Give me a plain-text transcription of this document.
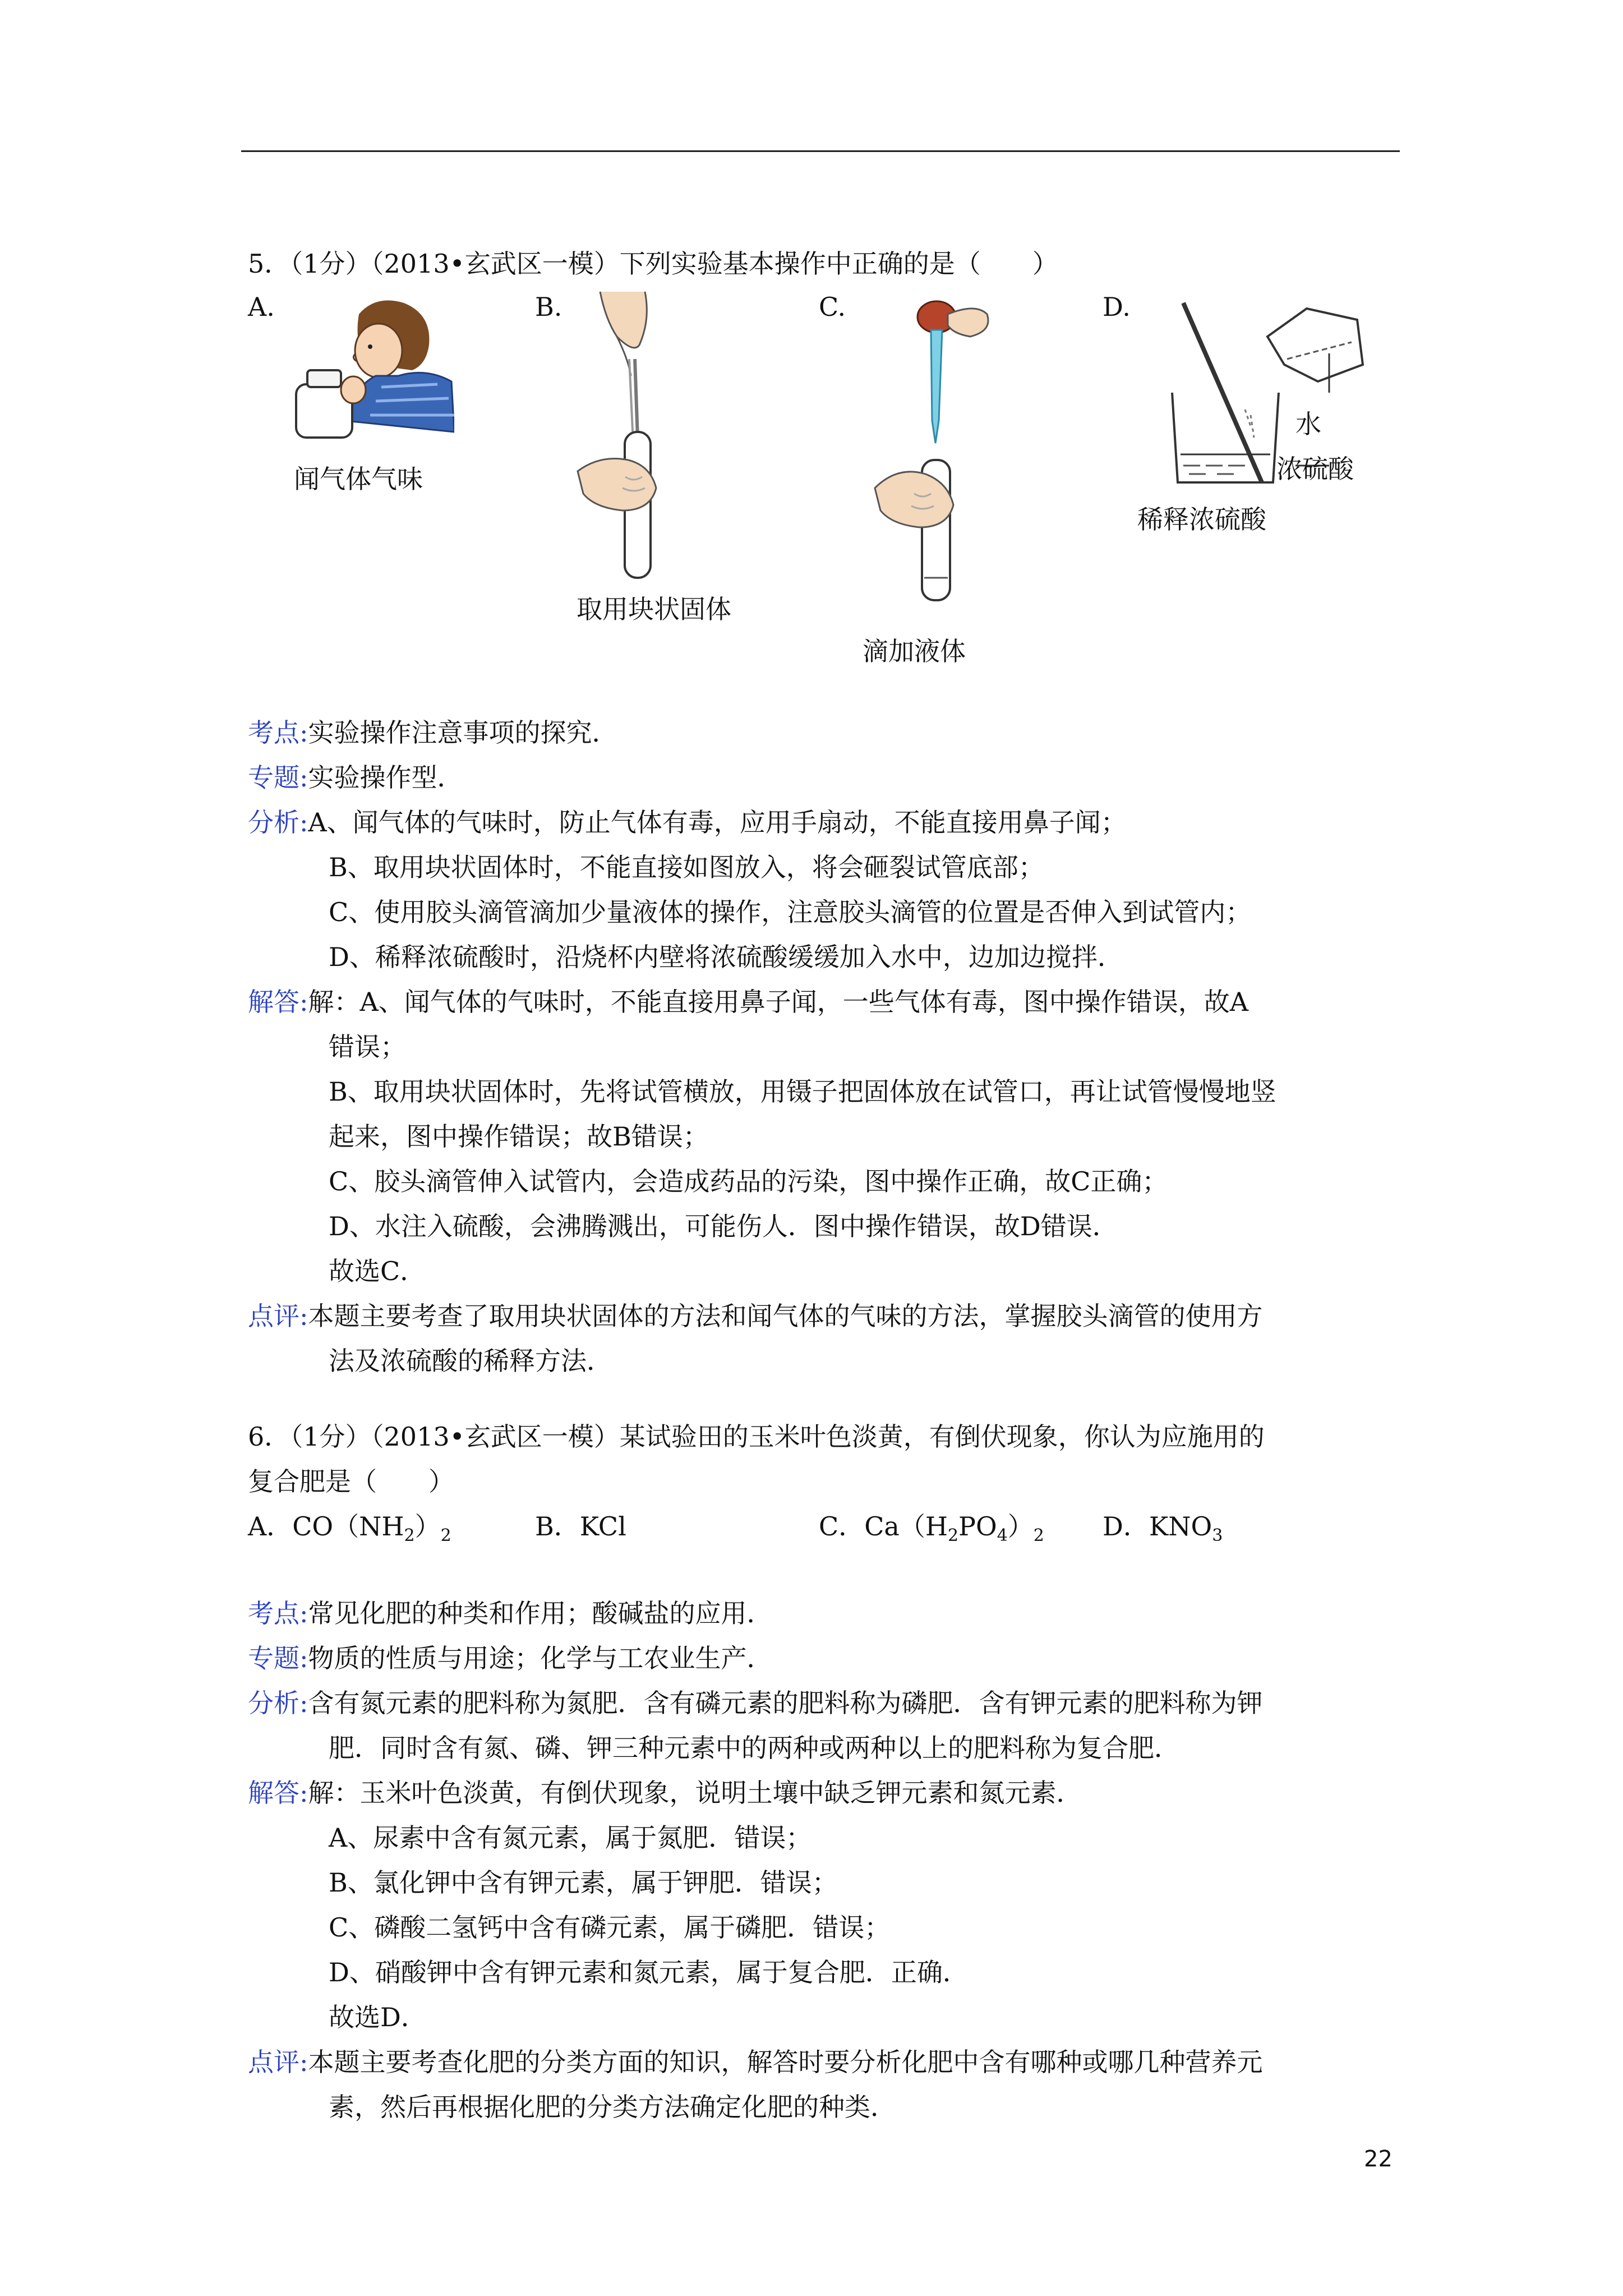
5．（1分）（2013•玄武区一模）下列实验基本操作中正确的是（　　）
A.	B.	C.	D.
闻气体气味
取用块状固体
滴加液体
水
浓硫酸
稀释浓硫酸
考点:实验操作注意事项的探究．
专题:实验操作型．
分析:A、闻气体的气味时，防止气体有毒，应用手扇动，不能直接用鼻子闻；
B、取用块状固体时，不能直接如图放入，将会砸裂试管底部；
C、使用胶头滴管滴加少量液体的操作，注意胶头滴管的位置是否伸入到试管内；
D、稀释浓硫酸时，沿烧杯内壁将浓硫酸缓缓加入水中，边加边搅拌．
解答:解：A、闻气体的气味时，不能直接用鼻子闻，一些气体有毒，图中操作错误，故A
错误；
B、取用块状固体时，先将试管横放，用镊子把固体放在试管口，再让试管慢慢地竖
起来，图中操作错误；故B错误；
C、胶头滴管伸入试管内，会造成药品的污染，图中操作正确，故C正确；
D、水注入硫酸，会沸腾溅出，可能伤人．图中操作错误，故D错误．
故选C．
点评:本题主要考查了取用块状固体的方法和闻气体的气味的方法，掌握胶头滴管的使用方
法及浓硫酸的稀释方法．
6．（1分）（2013•玄武区一模）某试验田的玉米叶色淡黄，有倒伏现象，你认为应施用的
复合肥是（　　）
A．$CO(NH_2)_2$	B．KCl	C．$Ca(H_2PO_4)_2$ D．$KNO_3$
考点:常见化肥的种类和作用；酸碱盐的应用．
专题:物质的性质与用途；化学与工农业生产．
分析:含有氮元素的肥料称为氮肥．含有磷元素的肥料称为磷肥．含有钾元素的肥料称为钾
肥．同时含有氮、磷、钾三种元素中的两种或两种以上的肥料称为复合肥．
解答:解：玉米叶色淡黄，有倒伏现象，说明土壤中缺乏钾元素和氮元素．
A、尿素中含有氮元素，属于氮肥．错误；
B、氯化钾中含有钾元素，属于钾肥．错误；
C、磷酸二氢钙中含有磷元素，属于磷肥．错误；
D、硝酸钾中含有钾元素和氮元素，属于复合肥．正确．
故选D．
点评:本题主要考查化肥的分类方面的知识，解答时要分析化肥中含有哪种或哪几种营养元
素，然后再根据化肥的分类方法确定化肥的种类．
22
